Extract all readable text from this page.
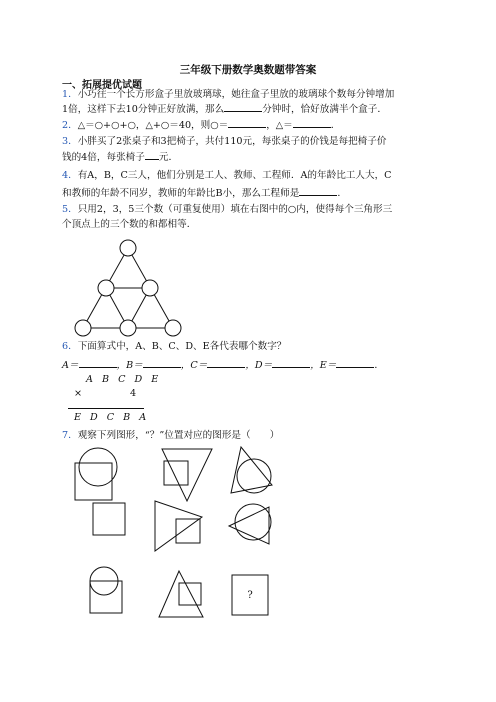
三年级下册数学奥数题带答案
一、拓展提优试题
1．小巧往一个长方形盒子里放玻璃球，她往盒子里放的玻璃球个数每分钟增加
1倍，这样下去10分钟正好放满，那么	分钟时，恰好放满半个盒子．
2．△＝○+○+○，△+○＝40，则○＝	，△＝	．
3．小胖买了2张桌子和3把椅子，共付110元，每张桌子的价钱是每把椅子价
钱的4倍，每张椅子 元．
4．有A，B，C三人，他们分别是工人、教师、工程师．A的年龄比工人大，C
和教师的年龄不同岁，教师的年龄比B小，那么工程师是	．
5．只用2，3，5三个数（可重复使用）填在右图中的○内，使得每个三角形三
个顶点上的三个数的和都相等．
6．下面算式中，A、B、C、D、E各代表哪个数字？
A＝	，B＝	，C＝	，D＝	，E＝	．
A B C D E
×	4
E D C B A
7．观察下列图形，“？”位置对应的图形是（　　）
?
